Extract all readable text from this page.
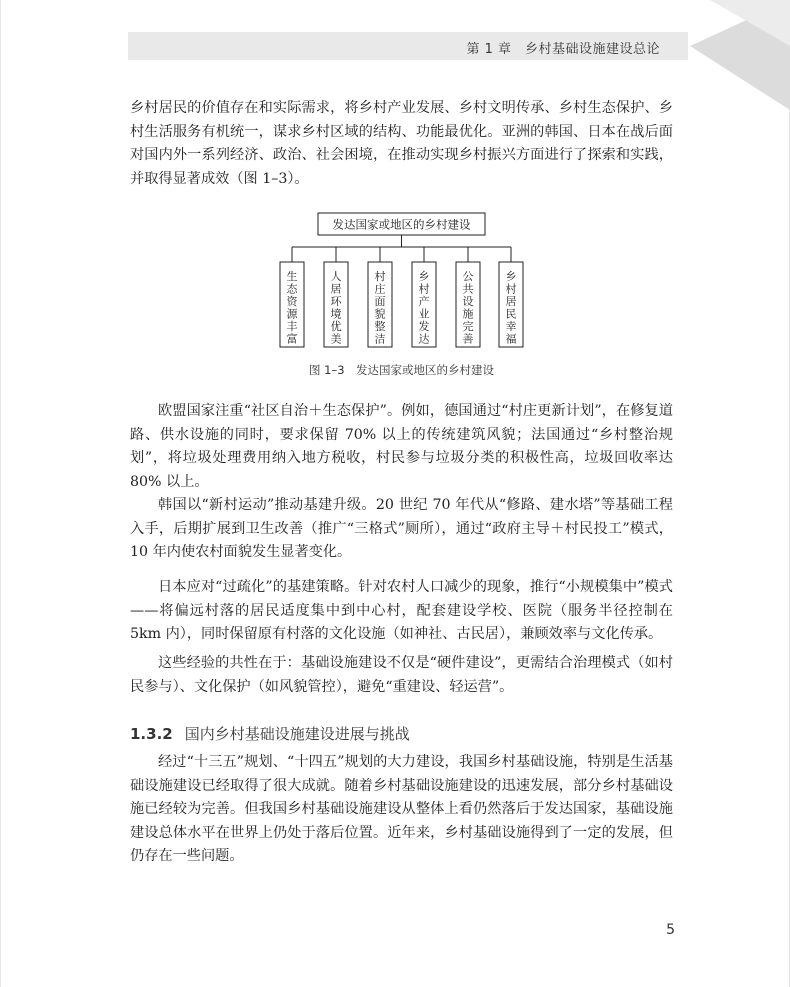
第 1 章　乡村基础设施建设总论

乡村居民的价值存在和实际需求，将乡村产业发展、乡村文明传承、乡村生态保护、乡村生活服务有机统一，谋求乡村区域的结构、功能最优化。亚洲的韩国、日本在战后面对国内外一系列经济、政治、社会困境，在推动实现乡村振兴方面进行了探索和实践，并取得显著成效（图 1–3）。

发达国家或地区的乡村建设
生态资源丰富
人居环境优美
村庄面貌整洁
乡村产业发达
公共设施完善
乡村居民幸福
图 1–3　发达国家或地区的乡村建设

欧盟国家注重“社区自治＋生态保护”。例如，德国通过“村庄更新计划”，在修复道路、供水设施的同时，要求保留 70% 以上的传统建筑风貌；法国通过“乡村整治规划”，将垃圾处理费用纳入地方税收，村民参与垃圾分类的积极性高，垃圾回收率达 80% 以上。

韩国以“新村运动”推动基建升级。20 世纪 70 年代从“修路、建水塔”等基础工程入手，后期扩展到卫生改善（推广“三格式”厕所），通过“政府主导＋村民投工”模式，10 年内使农村面貌发生显著变化。

日本应对“过疏化”的基建策略。针对农村人口减少的现象，推行“小规模集中”模式——将偏远村落的居民适度集中到中心村，配套建设学校、医院（服务半径控制在 5km 内），同时保留原有村落的文化设施（如神社、古民居），兼顾效率与文化传承。

这些经验的共性在于：基础设施建设不仅是“硬件建设”，更需结合治理模式（如村民参与）、文化保护（如风貌管控），避免“重建设、轻运营”。

1.3.2 国内乡村基础设施建设进展与挑战

经过“十三五”规划、“十四五”规划的大力建设，我国乡村基础设施，特别是生活基础设施建设已经取得了很大成就。随着乡村基础设施建设的迅速发展，部分乡村基础设施已经较为完善。但我国乡村基础设施建设从整体上看仍然落后于发达国家，基础设施建设总体水平在世界上仍处于落后位置。近年来，乡村基础设施得到了一定的发展，但仍存在一些问题。

5
